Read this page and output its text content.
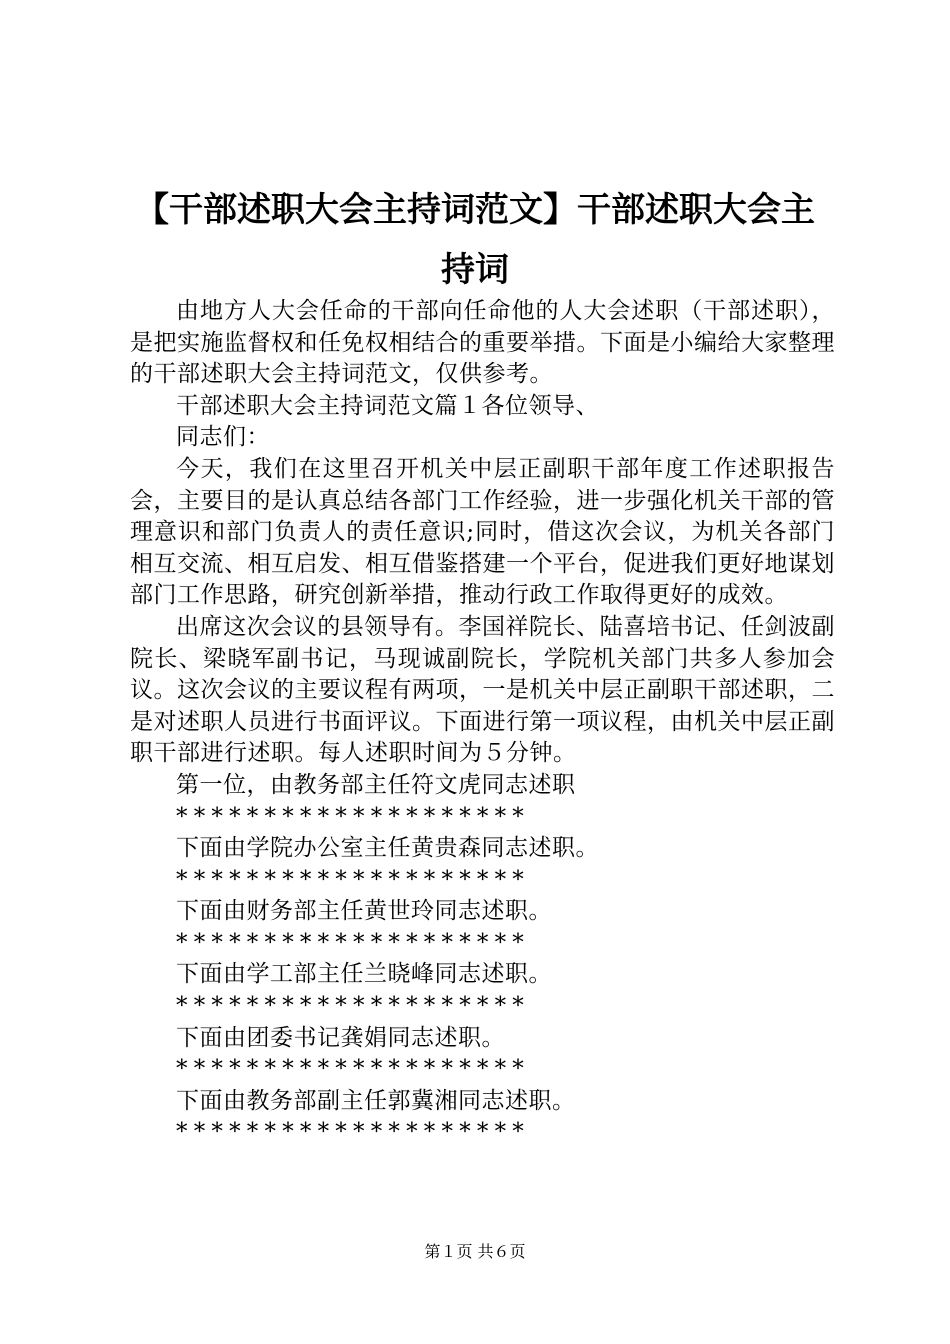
【干部述职大会主持词范文】干部述职大会主
持词

由地方人大会任命的干部向任命他的人大会述职（干部述职），是把实施监督权和任免权相结合的重要举措。下面是小编给大家整理的干部述职大会主持词范文，仅供参考。

干部述职大会主持词范文篇１各位领导、

同志们：

今天，我们在这里召开机关中层正副职干部年度工作述职报告会，主要目的是认真总结各部门工作经验，进一步强化机关干部的管理意识和部门负责人的责任意识;同时，借这次会议，为机关各部门相互交流、相互启发、相互借鉴搭建一个平台，促进我们更好地谋划部门工作思路，研究创新举措，推动行政工作取得更好的成效。

出席这次会议的县领导有。李国祥院长、陆喜培书记、任剑波副院长、梁晓军副书记，马现诚副院长，学院机关部门共多人参加会议。这次会议的主要议程有两项，一是机关中层正副职干部述职，二是对述职人员进行书面评议。下面进行第一项议程，由机关中层正副职干部进行述职。每人述职时间为５分钟。

第一位，由教务部主任符文虎同志述职

********************

下面由学院办公室主任黄贵森同志述职。

********************

下面由财务部主任黄世玲同志述职。

********************

下面由学工部主任兰晓峰同志述职。

********************

下面由团委书记龚娟同志述职。

********************

下面由教务部副主任郭冀湘同志述职。

********************

第１页 共６页
